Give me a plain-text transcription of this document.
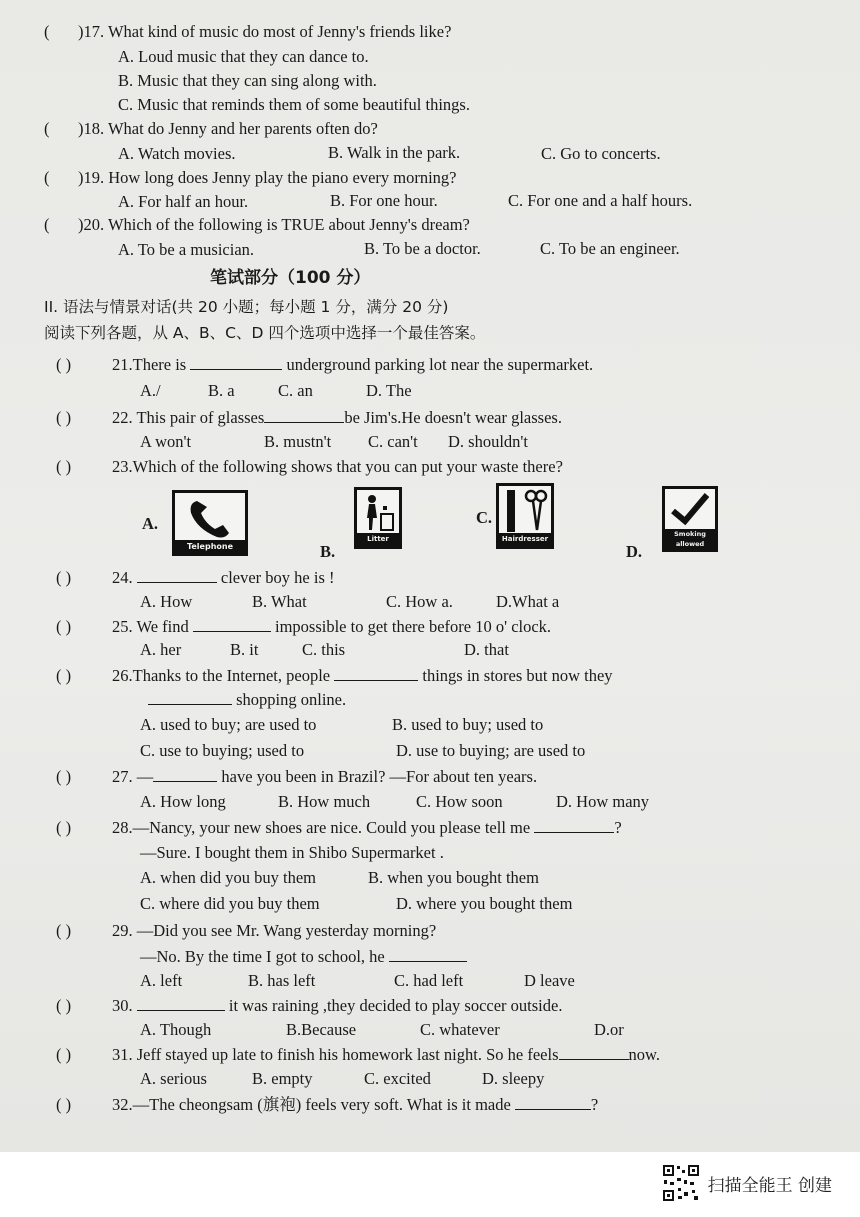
( )17. What kind of music do most of Jenny's friends like?
A. Loud music that they can dance to.
B. Music that they can sing along with.
C. Music that reminds them of some beautiful things.
( )18. What do Jenny and her parents often do?
A. Watch movies.	B. Walk in the park.	C. Go to concerts.
( )19. How long does Jenny play the piano every morning?
A. For half an hour.	B. For one hour.	C. For one and a half hours.
( )20. Which of the following is TRUE about Jenny's dream?
A. To be a musician.	B. To be a doctor.	C. To be an engineer.
笔试部分（100 分）
II. 语法与情景对话(共 20 小题；每小题 1 分，满分 20 分)
阅读下列各题，从 A、B、C、D 四个选项中选择一个最佳答案。
( ) 21.There is	underground parking lot near the supermarket.
A./	B. a	C. an	D. The
( ) 22. This pair of glasses	be Jim's.He doesn't wear glasses.
A won't	B. mustn't C. can't D. shouldn't
( ) 23.Which of the following shows that you can put your waste there?
A.
Telephone	B.
Litter
C.
Hairdresser
D.
Smoking allowed
( ) 24.	clever boy he is !
A. How	B. What	C. How a.	D.What a
( ) 25. We find	impossible to get there before 10 o' clock.
A. her	B. it	C. this	D. that
( ) 26.Thanks to the Internet, people	things in stores but now they
shopping online.
A. used to buy; are used to	B. used to buy; used to
C. use to buying; used to	D. use to buying; are used to
( ) 27. —	have you been in Brazil? —For about ten years.
A. How long	B. How much	C. How soon	D. How many
( ) 28.—Nancy, your new shoes are nice. Could you please tell me	?
—Sure. I bought them in Shibo Supermarket .
A. when did you buy them	B. when you bought them
C. where did you buy them	D. where you bought them
( ) 29. —Did you see Mr. Wang yesterday morning?
—No. By the time I got to school, he
A. left	B. has left	C. had left	D leave
( ) 30.	it was raining ,they decided to play soccer outside.
A. Though	B.Because	C. whatever	D.or
( ) 31. Jeff stayed up late to finish his homework last night. So he feels	now.
A. serious	B. empty	C. excited	D. sleepy
( ) 32.—The cheongsam (旗袍) feels very soft. What is it made	?
扫描全能王 创建
